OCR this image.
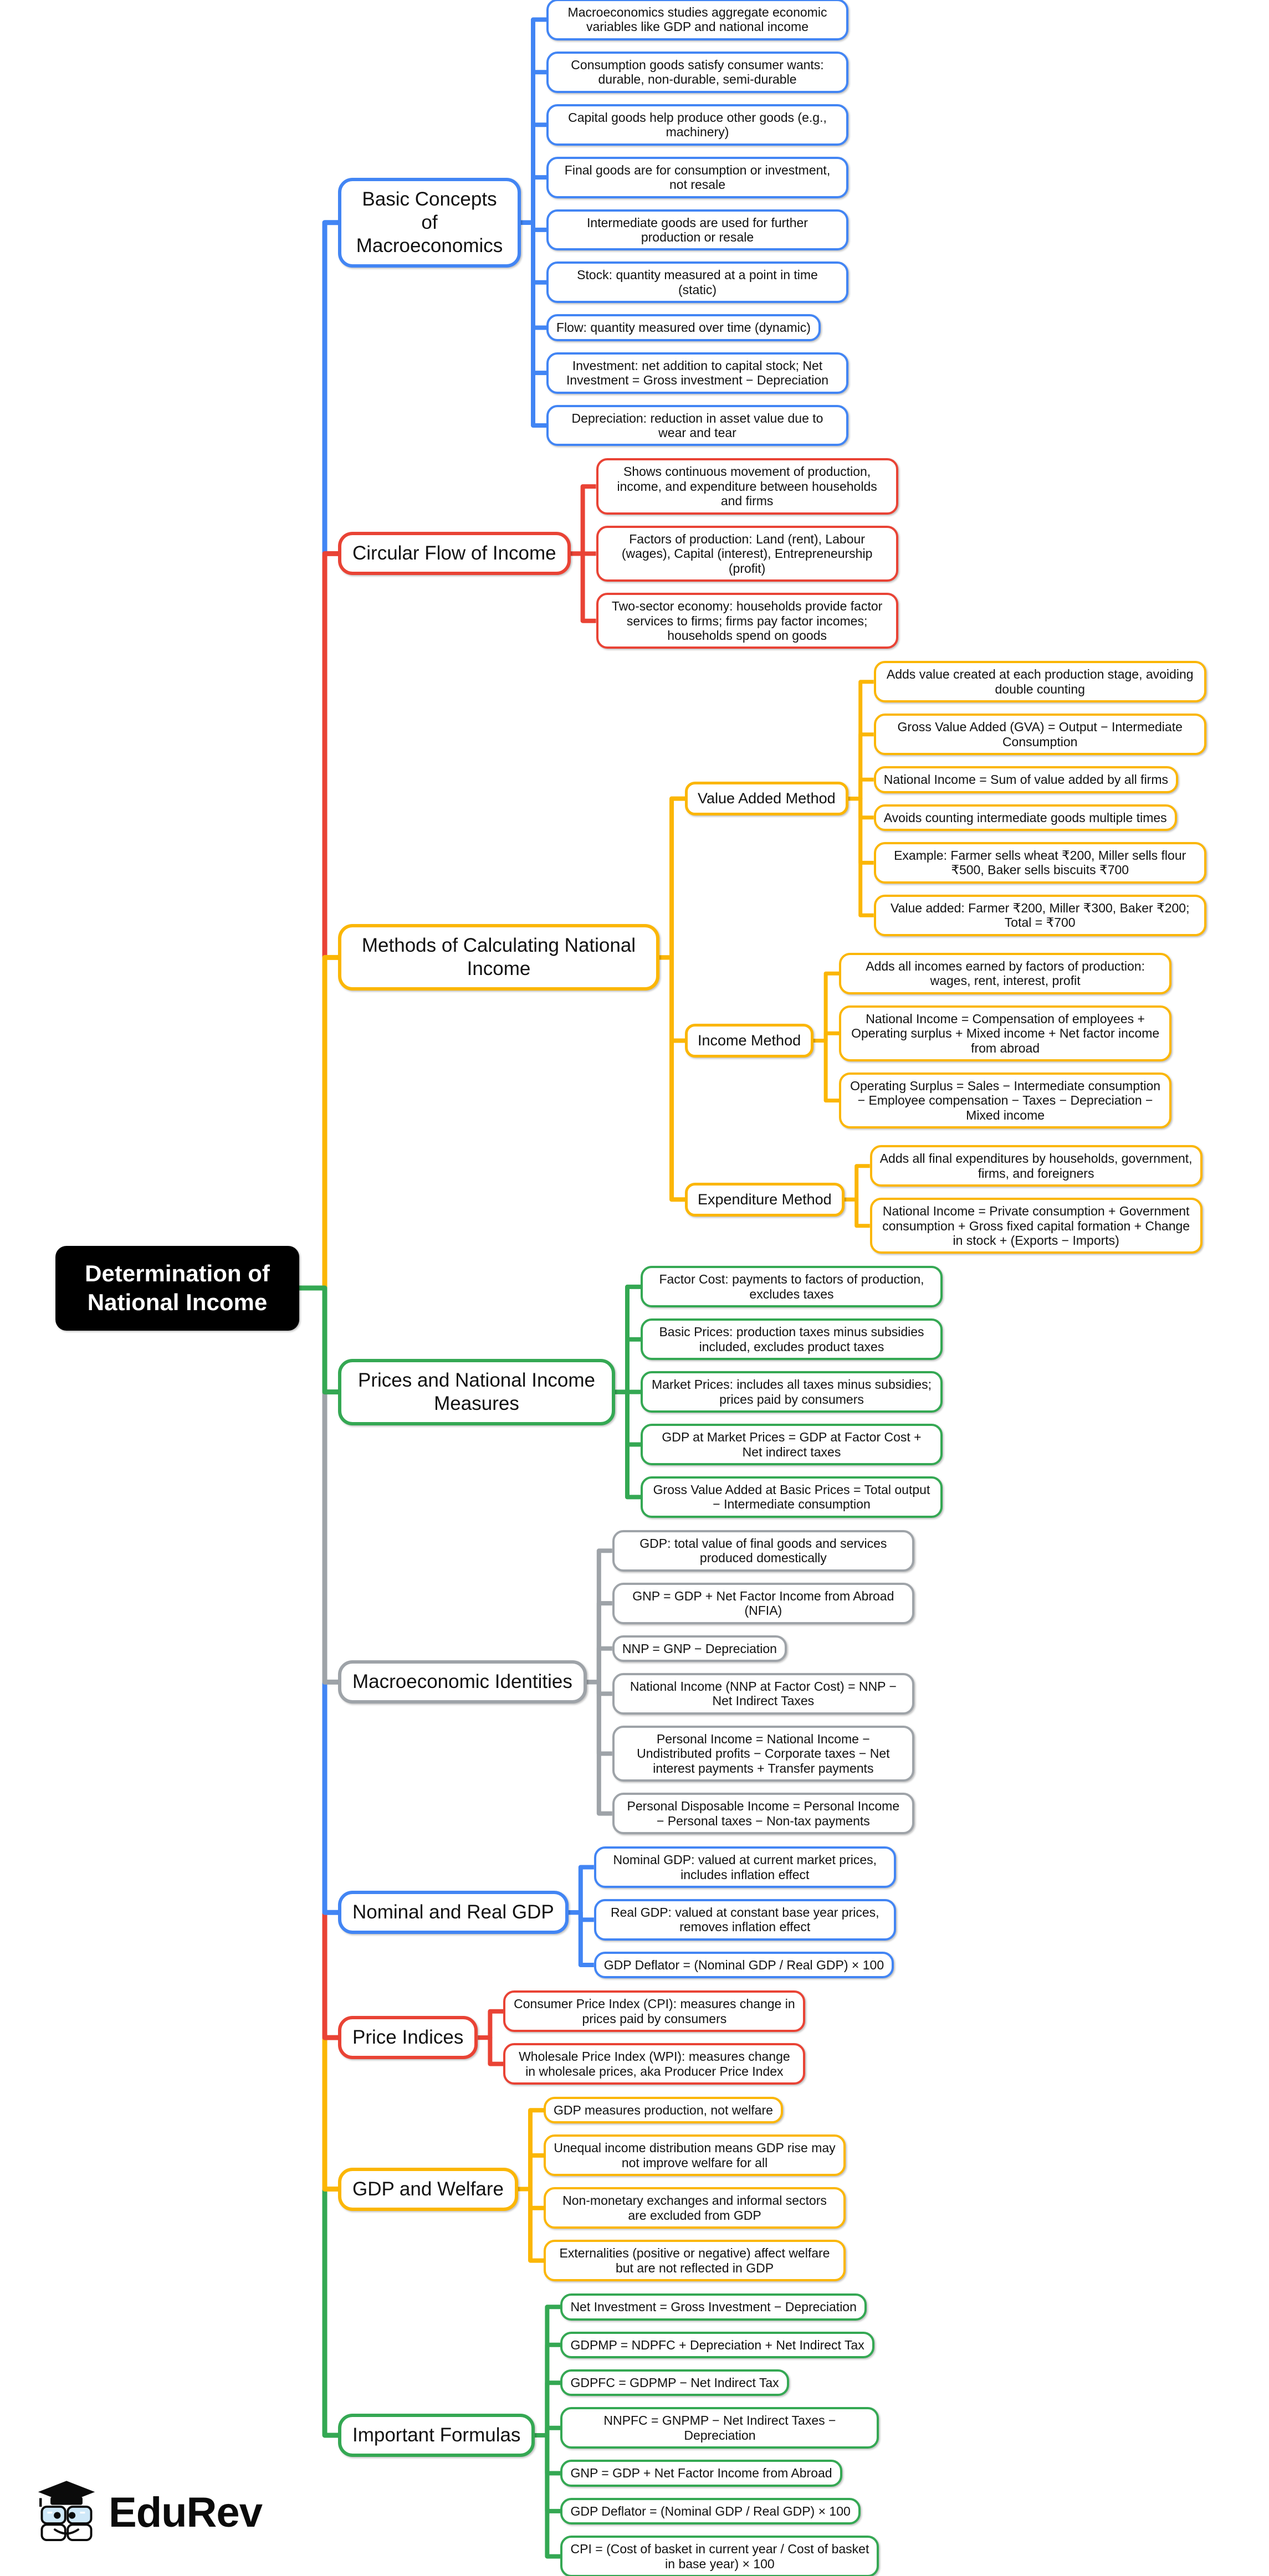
Determination of National Income
Basic Concepts of Macroeconomics
Macroeconomics studies aggregate economic variables like GDP and national income
Consumption goods satisfy consumer wants: durable, non-durable, semi-durable
Capital goods help produce other goods (e.g., machinery)
Final goods are for consumption or investment, not resale
Intermediate goods are used for further production or resale
Stock: quantity measured at a point in time (static)
Flow: quantity measured over time (dynamic)
Investment: net addition to capital stock; Net Investment = Gross investment − Depreciation
Depreciation: reduction in asset value due to wear and tear
Circular Flow of Income
Shows continuous movement of production, income, and expenditure between households and firms
Factors of production: Land (rent), Labour (wages), Capital (interest), Entrepreneurship (profit)
Two-sector economy: households provide factor services to firms; firms pay factor incomes; households spend on goods
Methods of Calculating National Income
Value Added Method
Adds value created at each production stage, avoiding double counting
Gross Value Added (GVA) = Output − Intermediate Consumption
National Income = Sum of value added by all firms
Avoids counting intermediate goods multiple times
Example: Farmer sells wheat ₹200, Miller sells flour ₹500, Baker sells biscuits ₹700
Value added: Farmer ₹200, Miller ₹300, Baker ₹200; Total = ₹700
Income Method
Adds all incomes earned by factors of production: wages, rent, interest, profit
National Income = Compensation of employees + Operating surplus + Mixed income + Net factor income from abroad
Operating Surplus = Sales − Intermediate consumption − Employee compensation − Taxes − Depreciation − Mixed income
Expenditure Method
Adds all final expenditures by households, government, firms, and foreigners
National Income = Private consumption + Government consumption + Gross fixed capital formation + Change in stock + (Exports − Imports)
Prices and National Income Measures
Factor Cost: payments to factors of production, excludes taxes
Basic Prices: production taxes minus subsidies included, excludes product taxes
Market Prices: includes all taxes minus subsidies; prices paid by consumers
GDP at Market Prices = GDP at Factor Cost + Net indirect taxes
Gross Value Added at Basic Prices = Total output − Intermediate consumption
Macroeconomic Identities
GDP: total value of final goods and services produced domestically
GNP = GDP + Net Factor Income from Abroad (NFIA)
NNP = GNP − Depreciation
National Income (NNP at Factor Cost) = NNP − Net Indirect Taxes
Personal Income = National Income − Undistributed profits − Corporate taxes − Net interest payments + Transfer payments
Personal Disposable Income = Personal Income − Personal taxes − Non-tax payments
Nominal and Real GDP
Nominal GDP: valued at current market prices, includes inflation effect
Real GDP: valued at constant base year prices, removes inflation effect
GDP Deflator = (Nominal GDP / Real GDP) × 100
Price Indices
Consumer Price Index (CPI): measures change in prices paid by consumers
Wholesale Price Index (WPI): measures change in wholesale prices, aka Producer Price Index
GDP and Welfare
GDP measures production, not welfare
Unequal income distribution means GDP rise may not improve welfare for all
Non-monetary exchanges and informal sectors are excluded from GDP
Externalities (positive or negative) affect welfare but are not reflected in GDP
Important Formulas
Net Investment = Gross Investment − Depreciation
GDPMP = NDPFC + Depreciation + Net Indirect Tax
GDPFC = GDPMP − Net Indirect Tax
NNPFC = GNPMP − Net Indirect Taxes − Depreciation
GNP = GDP + Net Factor Income from Abroad
GDP Deflator = (Nominal GDP / Real GDP) × 100
CPI = (Cost of basket in current year / Cost of basket in base year) × 100
EduRev
